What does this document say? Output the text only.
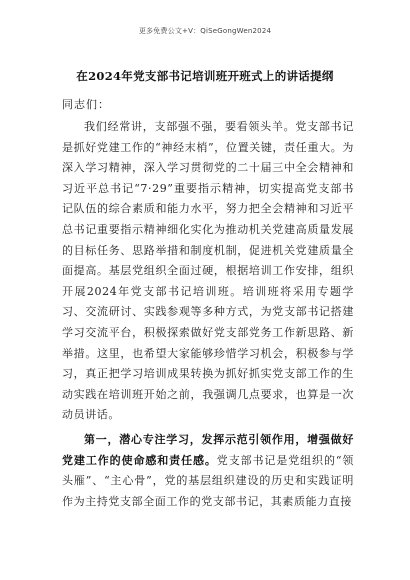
更多免费公文+V：QiSeGongWen2024
在2024年党支部书记培训班开班式上的讲话提纲
同志们：

我们经常讲，支部强不强，要看领头羊。党支部书记是抓好党建工作的“神经末梢”，位置关键，责任重大。为深入学习精神，深入学习贯彻党的二十届三中全会精神和习近平总书记“7·29”重要指示精神，切实提高党支部书记队伍的综合素质和能力水平，努力把全会精神和习近平总书记重要指示精神细化实化为推动机关党建高质量发展的目标任务、思路举措和制度机制，促进机关党建质量全面提高。基层党组织全面过硬，根据培训工作安排，组织开展2024年党支部书记培训班。培训班将采用专题学习、交流研讨、实践参观等多种方式，为党支部书记搭建学习交流平台，积极探索做好党支部党务工作新思路、新举措。这里，也希望大家能够珍惜学习机会，积极参与学习，真正把学习培训成果转换为抓好抓实党支部工作的生动实践在培训班开始之前，我强调几点要求，也算是一次动员讲话。

第一，潜心专注学习，发挥示范引领作用，增强做好党建工作的使命感和责任感。党支部书记是党组织的“领头雁”、“主心骨”，党的基层组织建设的历史和实践证明作为主持党支部全面工作的党支部书记，其素质能力直接
